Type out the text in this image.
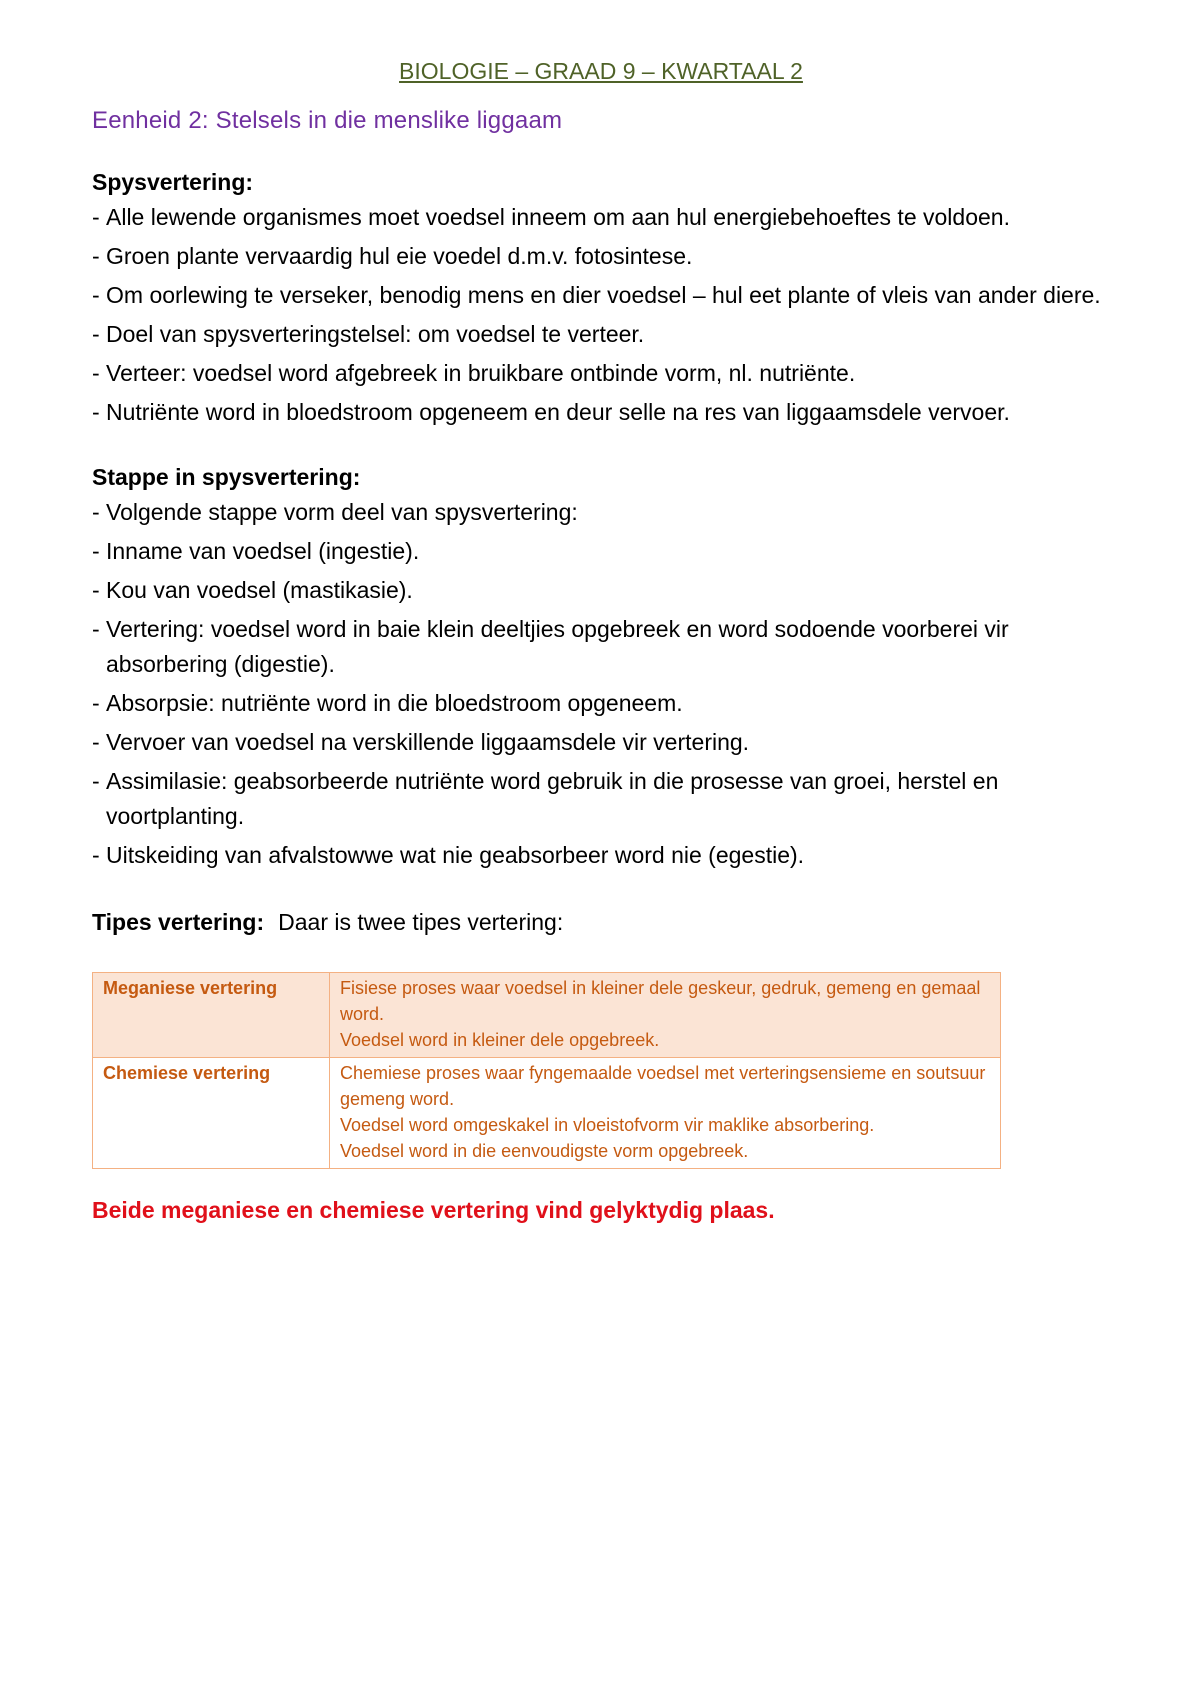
BIOLOGIE – GRAAD 9 – KWARTAAL 2
Eenheid 2: Stelsels in die menslike liggaam
Spysvertering:
- Alle lewende organismes moet voedsel inneem om aan hul energiebehoeftes te voldoen.
- Groen plante vervaardig hul eie voedel d.m.v. fotosintese.
- Om oorlewing te verseker, benodig mens en dier voedsel – hul eet plante of vleis van ander diere.
- Doel van spysverteringstelsel: om voedsel te verteer.
- Verteer: voedsel word afgebreek in bruikbare ontbinde vorm, nl. nutriënte.
- Nutriënte word in bloedstroom opgeneem en deur selle na res van liggaamsdele vervoer.
Stappe in spysvertering:
- Volgende stappe vorm deel van spysvertering:
- Inname van voedsel (ingestie).
- Kou van voedsel (mastikasie).
- Vertering: voedsel word in baie klein deeltjies opgebreek en word sodoende voorberei vir absorbering (digestie).
- Absorpsie: nutriënte word in die bloedstroom opgeneem.
- Vervoer van voedsel na verskillende liggaamsdele vir vertering.
- Assimilasie: geabsorbeerde nutriënte word gebruik in die prosesse van groei, herstel en voortplanting.
- Uitskeiding van afvalstowwe wat nie geabsorbeer word nie (egestie).
Tipes vertering: Daar is twee tipes vertering:
Meganiese vertering	Fisiese proses waar voedsel in kleiner dele geskeur, gedruk, gemeng en gemaal word.
Voedsel word in kleiner dele opgebreek.

Chemiese vertering	Chemiese proses waar fyngemaalde voedsel met verteringsensieme en soutsuur gemeng word.
Voedsel word omgeskakel in vloeistofvorm vir maklike absorbering.
Voedsel word in die eenvoudigste vorm opgebreek.
Beide meganiese en chemiese vertering vind gelyktydig plaas.
